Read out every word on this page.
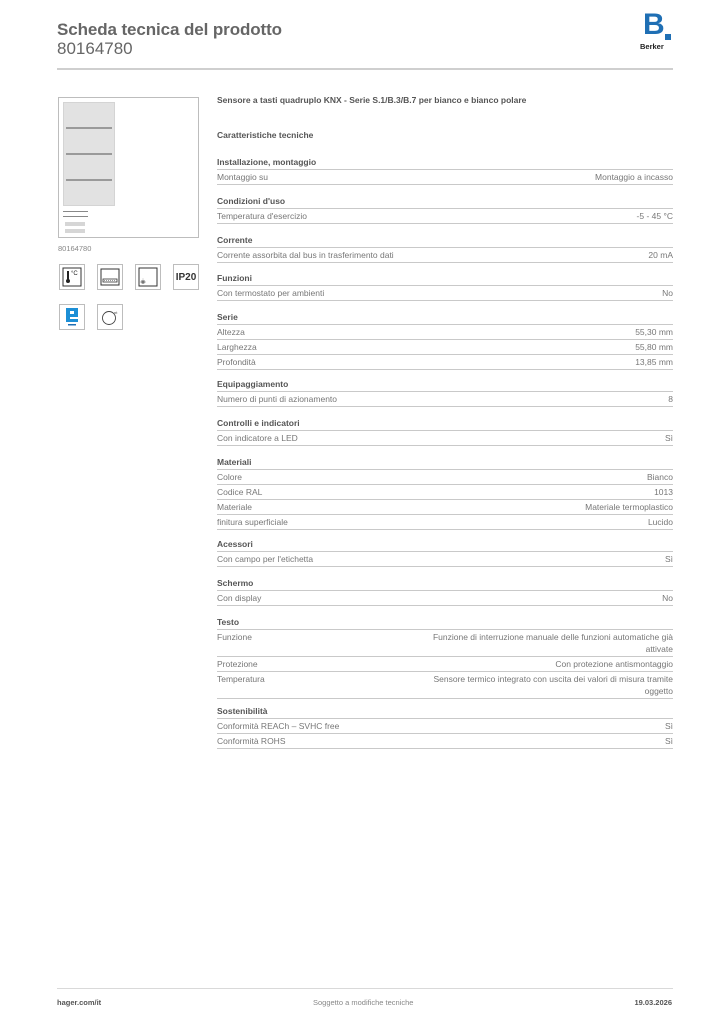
Scheda tecnica del prodotto
80164780
B
Berker
80164780
°C	IP20
nt
Sensore a tasti quadruplo KNX - Serie S.1/B.3/B.7 per bianco e bianco polare
Caratteristiche tecniche
Installazione, montaggio
Montaggio su	Montaggio a incasso
Condizioni d'uso
Temperatura d'esercizio	-5 - 45 °C
Corrente
Corrente assorbita dal bus in trasferimento dati	20 mA
Funzioni
Con termostato per ambienti	No
Serie
Altezza	55,30 mm
Larghezza	55,80 mm
Profondità	13,85 mm
Equipaggiamento
Numero di punti di azionamento	8
Controlli e indicatori
Con indicatore a LED	Sì
Materiali
Colore	Bianco
Codice RAL	1013
Materiale	Materiale termoplastico
finitura superficiale	Lucido
Acessori
Con campo per l'etichetta	Sì
Schermo
Con display	No
Testo
Funzione	Funzione di interruzione manuale delle funzioni automatiche già attivate
Protezione	Con protezione antismontaggio
Temperatura	Sensore termico integrato con uscita dei valori di misura tramite oggetto
Sostenibilità
Conformità REACh – SVHC free	Sì
Conformità ROHS	Sì
hager.com/it	Soggetto a modifiche tecniche	19.03.2026
